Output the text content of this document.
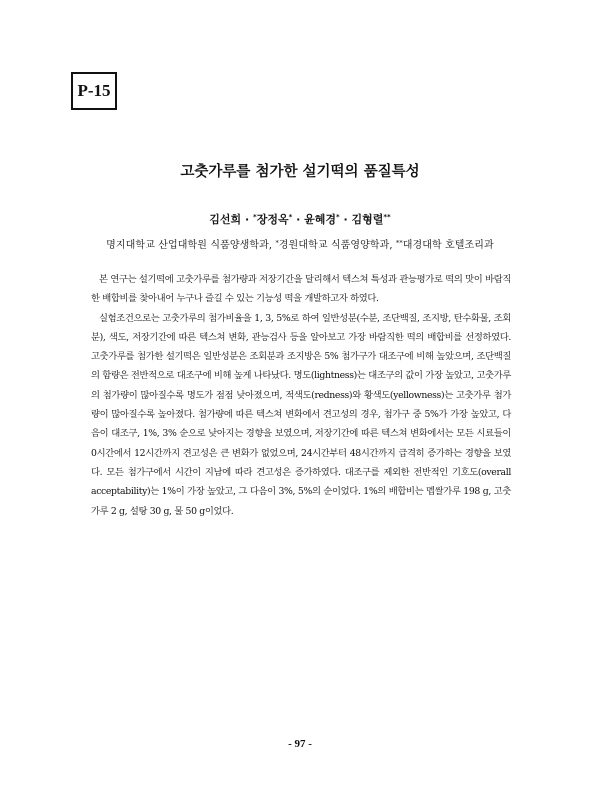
P-15
고춧가루를 첨가한 설기떡의 품질특성
김선희 · *장정옥* · 윤혜경* · 김형렬**
명지대학교 산업대학원 식품양생학과, *경원대학교 식품영양학과, **대경대학 호텔조리과

본 연구는 설기떡에 고춧가루를 첨가량과 저장기간을 달리해서 텍스쳐 특성과 관능평가로 떡의 맛이 바람직한 배합비를 찾아내어 누구나 즐길 수 있는 기능성 떡을 개발하고자 하였다.

실험조건으로는 고춧가루의 첨가비율을 1, 3, 5%로 하여 일반성분(수분, 조단백질, 조지방, 탄수화물, 조회분), 색도, 저장기간에 따른 텍스쳐 변화, 관능검사 등을 알아보고 가장 바람직한 떡의 배합비를 선정하였다. 고춧가루를 첨가한 설기떡은 일반성분은 조회분과 조지방은 5% 첨가구가 대조구에 비해 높았으며, 조단백질의 함량은 전반적으로 대조구에 비해 높게 나타났다. 명도(lightness)는 대조구의 값이 가장 높았고, 고춧가루의 첨가량이 많아질수록 명도가 점점 낮아졌으며, 적색도(redness)와 황색도(yellowness)는 고춧가루 첨가량이 많아질수록 높아졌다. 첨가량에 따른 텍스쳐 변화에서 견고성의 경우, 첨가구 중 5%가 가장 높았고, 다음이 대조구, 1%, 3% 순으로 낮아지는 경향을 보였으며, 저장기간에 따른 텍스쳐 변화에서는 모든 시료들이 0시간에서 12시간까지 견고성은 큰 변화가 없었으며, 24시간부터 48시간까지 급격히 증가하는 경향을 보였다. 모든 첨가구에서 시간이 지남에 따라 견고성은 증가하였다. 대조구를 제외한 전반적인 기호도(overall acceptability)는 1%이 가장 높았고, 그 다음이 3%, 5%의 순이었다. 1%의 배합비는 멥쌀가루 198 g, 고춧가루 2 g, 설탕 30 g, 물 50 g이었다.

- 97 -
